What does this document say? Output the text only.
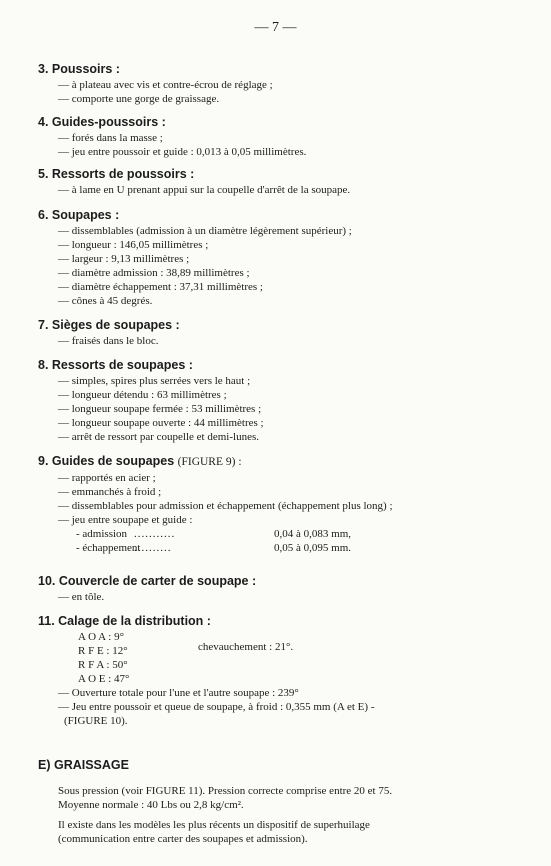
— 7 —
3. Poussoirs :
— à plateau avec vis et contre-écrou de réglage ;
— comporte une gorge de graissage.
4. Guides-poussoirs :
— forés dans la masse ;
— jeu entre poussoir et guide : 0,013 à 0,05 millimètres.
5. Ressorts de poussoirs :
— à lame en U prenant appui sur la coupelle d'arrêt de la soupape.
6. Soupapes :
— dissemblables (admission à un diamètre légèrement supérieur) ;
— longueur : 146,05 millimètres ;
— largeur : 9,13 millimètres ;
— diamètre admission : 38,89 millimètres ;
— diamètre échappement : 37,31 millimètres ;
— cônes à 45 degrés.
7. Sièges de soupapes :
— fraisés dans le bloc.
8. Ressorts de soupapes :
— simples, spires plus serrées vers le haut ;
— longueur détendu : 63 millimètres ;
— longueur soupape fermée : 53 millimètres ;
— longueur soupape ouverte : 44 millimètres ;
— arrêt de ressort par coupelle et demi-lunes.
9. Guides de soupapes (FIGURE 9) :
— rapportés en acier ;
— emmanchés à froid ;
— dissemblables pour admission et échappement (échappement plus long) ;
— jeu entre soupape et guide :
- admission ...........	0,04 à 0,083 mm,
- échappement..........	0,05 à 0,095 mm.
10. Couvercle de carter de soupape :
— en tôle.
11. Calage de la distribution :
A O A : 9°
R F E : 12°
R F A : 50°
A O E : 47°
chevauchement : 21°.
— Ouverture totale pour l'une et l'autre soupape : 239°
— Jeu entre poussoir et queue de soupape, à froid : 0,355 mm (A et E) -
(FIGURE 10).
E) GRAISSAGE
Sous pression (voir FIGURE 11). Pression correcte comprise entre 20 et 75.
Moyenne normale : 40 Lbs ou 2,8 kg/cm².
Il existe dans les modèles les plus récents un dispositif de superhuilage
(communication entre carter des soupapes et admission).
